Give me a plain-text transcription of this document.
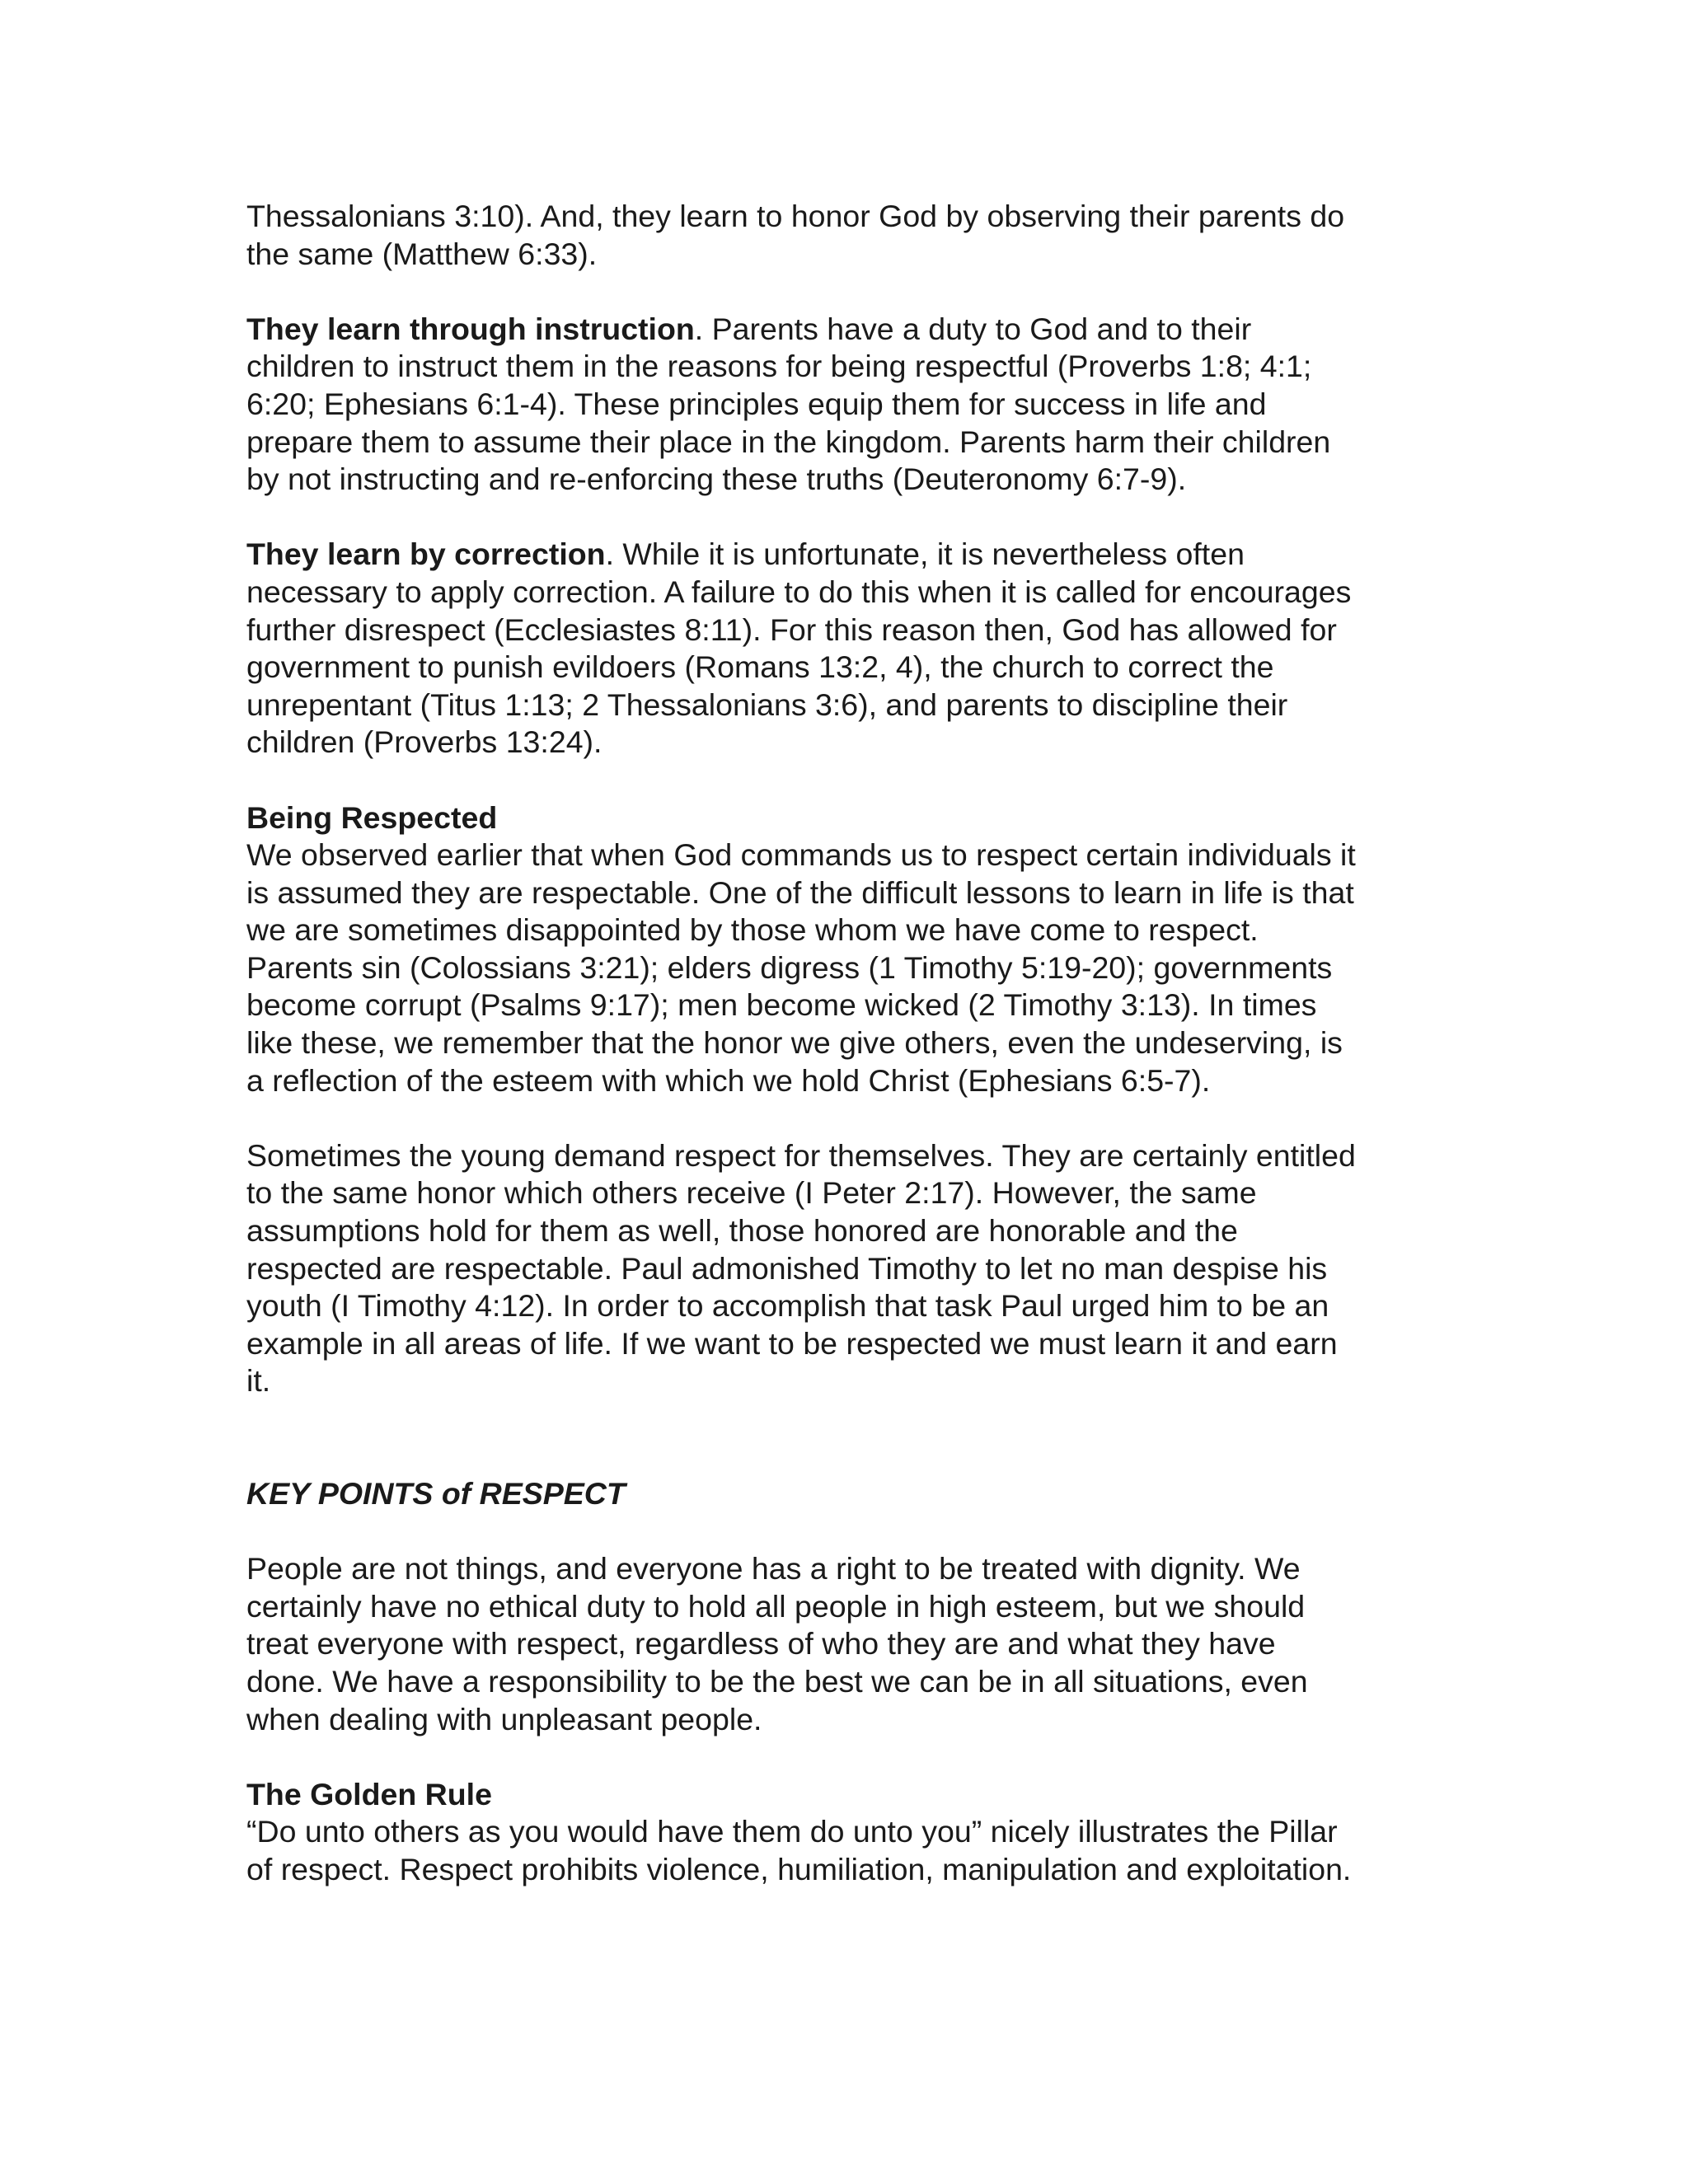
Thessalonians 3:10). And, they learn to honor God by observing their parents do
the same (Matthew 6:33).

They learn through instruction. Parents have a duty to God and to their
children to instruct them in the reasons for being respectful (Proverbs 1:8; 4:1;
6:20; Ephesians 6:1-4). These principles equip them for success in life and
prepare them to assume their place in the kingdom. Parents harm their children
by not instructing and re-enforcing these truths (Deuteronomy 6:7-9).

They learn by correction. While it is unfortunate, it is nevertheless often
necessary to apply correction. A failure to do this when it is called for encourages
further disrespect (Ecclesiastes 8:11). For this reason then, God has allowed for
government to punish evildoers (Romans 13:2, 4), the church to correct the
unrepentant (Titus 1:13; 2 Thessalonians 3:6), and parents to discipline their
children (Proverbs 13:24).

Being Respected
We observed earlier that when God commands us to respect certain individuals it
is assumed they are respectable. One of the difficult lessons to learn in life is that
we are sometimes disappointed by those whom we have come to respect.
Parents sin (Colossians 3:21); elders digress (1 Timothy 5:19-20); governments
become corrupt (Psalms 9:17); men become wicked (2 Timothy 3:13). In times
like these, we remember that the honor we give others, even the undeserving, is
a reflection of the esteem with which we hold Christ (Ephesians 6:5-7).

Sometimes the young demand respect for themselves. They are certainly entitled
to the same honor which others receive (I Peter 2:17). However, the same
assumptions hold for them as well, those honored are honorable and the
respected are respectable. Paul admonished Timothy to let no man despise his
youth (I Timothy 4:12). In order to accomplish that task Paul urged him to be an
example in all areas of life. If we want to be respected we must learn it and earn
it.

KEY POINTS of RESPECT

People are not things, and everyone has a right to be treated with dignity. We
certainly have no ethical duty to hold all people in high esteem, but we should
treat everyone with respect, regardless of who they are and what they have
done. We have a responsibility to be the best we can be in all situations, even
when dealing with unpleasant people.

The Golden Rule
“Do unto others as you would have them do unto you” nicely illustrates the Pillar
of respect. Respect prohibits violence, humiliation, manipulation and exploitation.
